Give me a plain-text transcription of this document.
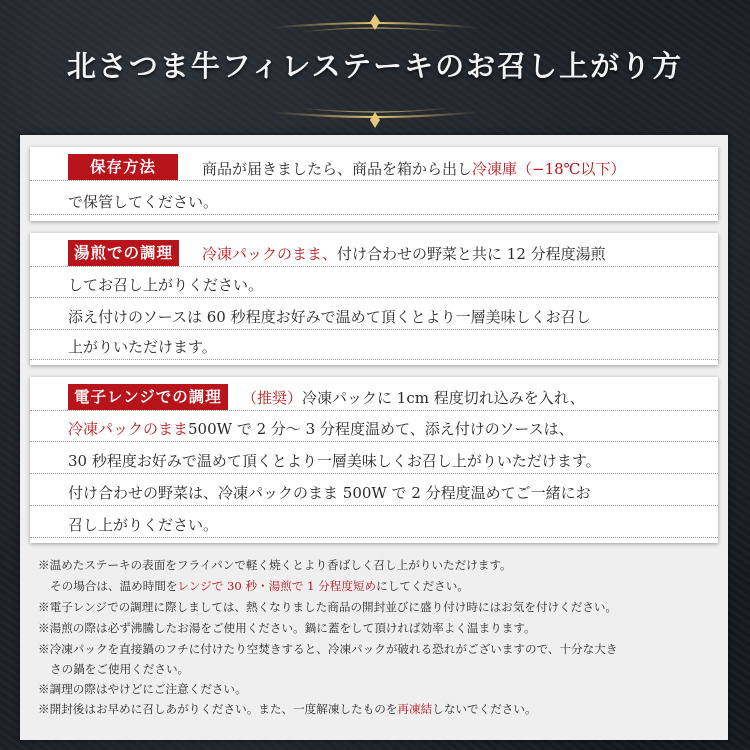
北さつま牛フィレステーキのお召し上がり方
保存方法	商品が届きましたら、商品を箱から出し冷凍庫（−18℃以下）
で保管してください。
湯煎での調理	冷凍パックのまま、付け合わせの野菜と共に 12 分程度湯煎
してお召し上がりください。
添え付けのソースは 60 秒程度お好みで温めて頂くとより一層美味しくお召し
上がりいただけます。
電子レンジでの調理	（推奨）冷凍パックに 1cm 程度切れ込みを入れ、
冷凍パックのまま500W で 2 分〜 3 分程度温めて、添え付けのソースは、
30 秒程度お好みで温めて頂くとより一層美味しくお召し上がりいただけます。
付け合わせの野菜は、冷凍パックのまま 500W で 2 分程度温めてご一緒にお
召し上がりください。
※温めたステーキの表面をフライパンで軽く焼くとより香ばしく召し上がりいただけます。
その場合は、温め時間をレンジで 30 秒・湯煎で 1 分程度短めにしてください。
※電子レンジでの調理に際しましては、熱くなりました商品の開封並びに盛り付け時にはお気を付けください。
※湯煎の際は必ず沸騰したお湯をご使用ください。鍋に蓋をして頂ければ効率よく温まります。
※冷凍パックを直接鍋のフチに付けたり空焚きすると、冷凍パックが破れる恐れがございますので、十分な大き
さの鍋をご使用ください。
※調理の際はやけどにご注意ください。
※開封後はお早めに召しあがりください。また、一度解凍したものを再凍結しないでください。
